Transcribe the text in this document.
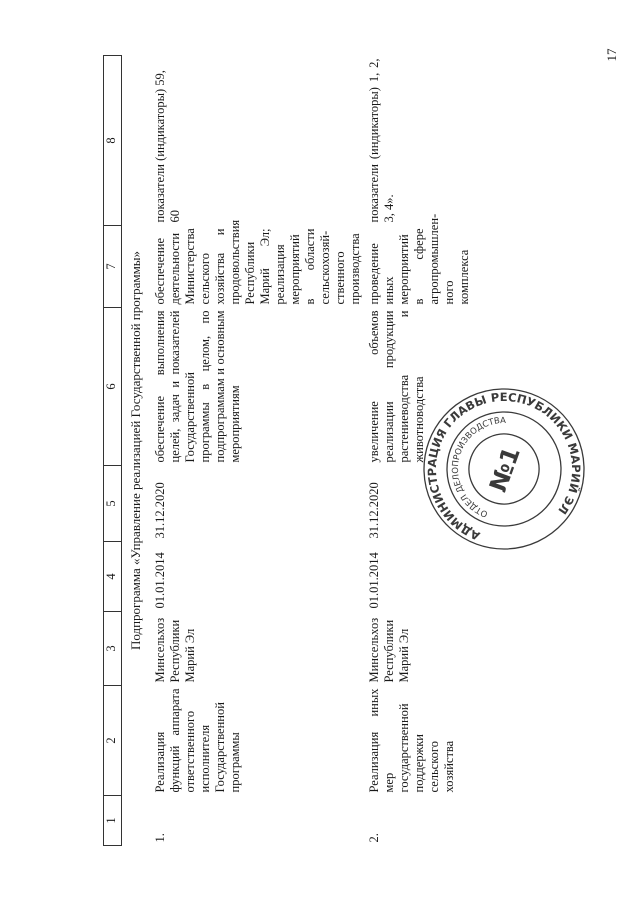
17
1	2	3	4	5	6	7	8
Подпрограмма «Управление реализацией Государственной программы»							
1.	Реализация функций аппарата ответственного исполнителя Государственной программы	Минсельхоз Республики Марий Эл	01.01.2014	31.12.2020	обеспечение выполнения целей, задач и показателей Государственной программы в целом, по подпрограммам и основным мероприятиям	обеспечение деятельности Министерства сельского хозяйства и продовольствия Республики Марий Эл; реализация мероприятий в области сельскохозяй-ственного производства	показатели (индикаторы) 59, 60
2.	Реализация иных мер государственной поддержки сельского хозяйства	Минсельхоз Республики Марий Эл	01.01.2014	31.12.2020	увеличение объемов реализации продукции растениеводства и животноводства	проведение иных мероприятий в сфере агропромышлен-ного комплекса	показатели (индикаторы) 1, 2, 3, 4».
АДМИНИСТРАЦИЯ ГЛАВЫ РЕСПУБЛИКИ МАРИЙ ЭЛ
ОТДЕЛ ДЕЛОПРОИЗВОДСТВА
№1
